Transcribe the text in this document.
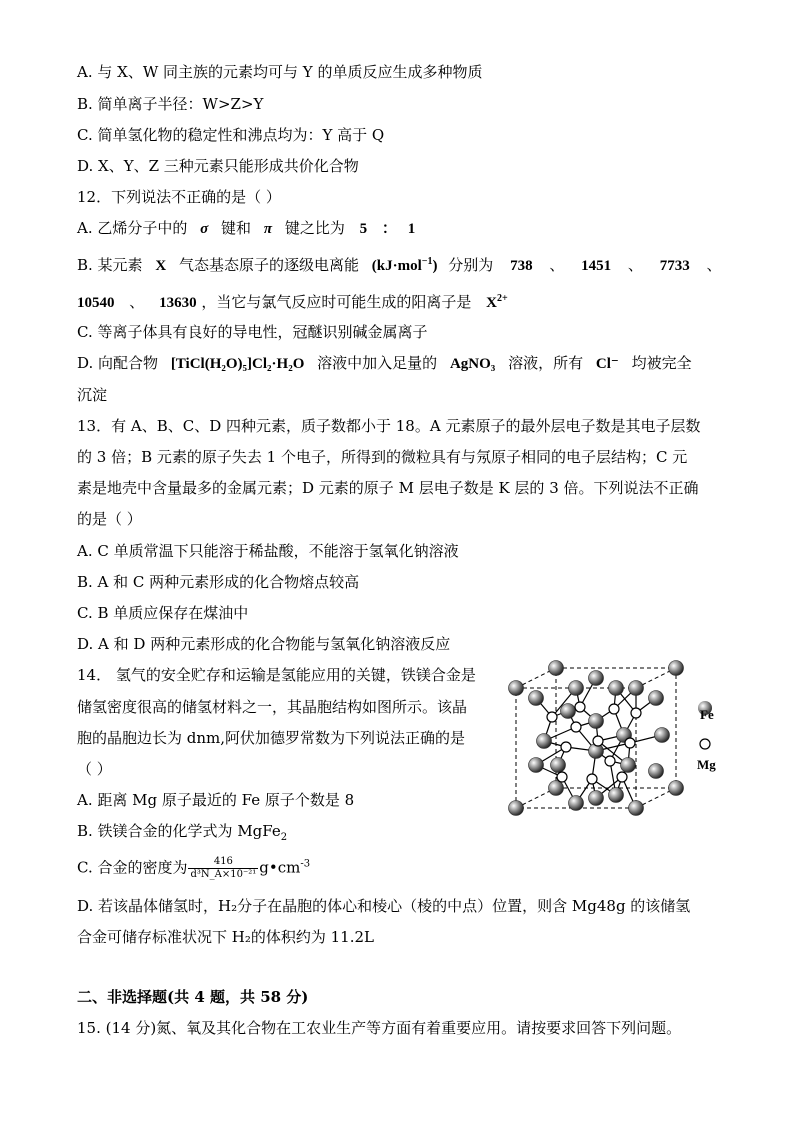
A. 与 X、W 同主族的元素均可与 Y 的单质反应生成多种物质
B. 简单离子半径：W>Z>Y
C. 简单氢化物的稳定性和沸点均为：Y 高于 Q
D. X、Y、Z 三种元素只能形成共价化合物
12．下列说法不正确的是（ ）
A. 乙烯分子中的 σ 键和 π 键之比为 5 ： 1
B. 某元素 X 气态基态原子的逐级电离能 (kJ·mol$^{-1}$) 分别为 738 、 1451 、 7733 、
10540 、 13630 ，当它与氯气反应时可能生成的阳离子是 $X^{2+}$
C. 等离子体具有良好的导电性，冠醚识别碱金属离子
D. 向配合物 [TiCl(H₂O)₅]Cl₂·H₂O 溶液中加入足量的 AgNO₃ 溶液，所有 Cl⁻ 均被完全
沉淀
13．有 A、B、C、D 四种元素，质子数都小于 18。A 元素原子的最外层电子数是其电子层数
的 3 倍；B 元素的原子失去 1 个电子，所得到的微粒具有与氖原子相同的电子层结构；C 元
素是地壳中含量最多的金属元素；D 元素的原子 M 层电子数是 K 层的 3 倍。下列说法不正确
的是（ ）
A. C 单质常温下只能溶于稀盐酸，不能溶于氢氧化钠溶液
B. A 和 C 两种元素形成的化合物熔点较高
C. B 单质应保存在煤油中
D. A 和 D 两种元素形成的化合物能与氢氧化钠溶液反应
14． 氢气的安全贮存和运输是氢能应用的关键，铁镁合金是
储氢密度很高的储氢材料之一，其晶胞结构如图所示。该晶
胞的晶胞边长为 dnm,阿伏加德罗常数为下列说法正确的是
（ ）
A. 距离 Mg 原子最近的 Fe 原子个数是 8
B. 铁镁合金的化学式为 MgFe$_2$
C. 合金的密度为 $\frac{416}{\text{d³N\_A×10⁻²¹}}$ $g•cm^{-3}$
D. 若该晶体储氢时，H₂分子在晶胞的体心和棱心（棱的中点）位置，则含 Mg48g 的该储氢
合金可储存标准状况下 H₂的体积约为 11.2L
Fe
Mg
二、非选择题(共 4 题，共 58 分)
15. (14 分)氮、氧及其化合物在工农业生产等方面有着重要应用。请按要求回答下列问题。
